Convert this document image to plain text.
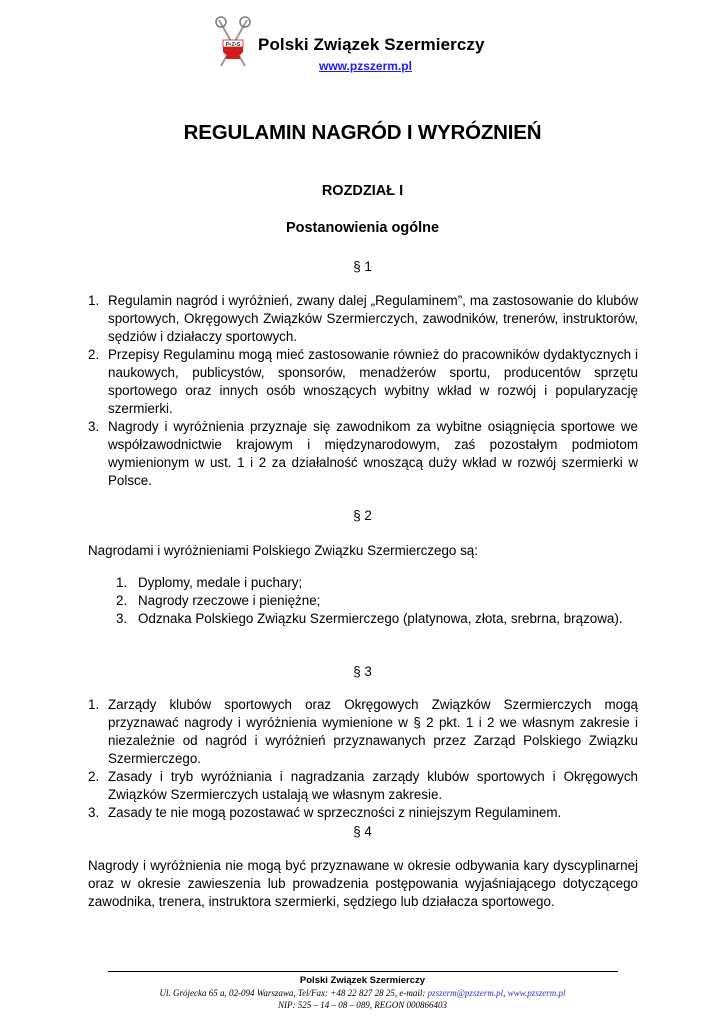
P•Z•S Polski Związek Szermierczy
www.pzszerm.pl
REGULAMIN NAGRÓD I WYRÓZNIEŃ
ROZDZIAŁ I
Postanowienia ogólne
§ 1
1. Regulamin nagród i wyróżnień, zwany dalej „Regulaminem”, ma zastosowanie do klubów sportowych, Okręgowych Związków Szermierczych, zawodników, trenerów, instruktorów, sędziów i działaczy sportowych.
2. Przepisy Regulaminu mogą mieć zastosowanie również do pracowników dydaktycznych i naukowych, publicystów, sponsorów, menadżerów sportu, producentów sprzętu sportowego oraz innych osób wnoszących wybitny wkład w rozwój i popularyzację szermierki.
3. Nagrody i wyróżnienia przyznaje się zawodnikom za wybitne osiągnięcia sportowe we współzawodnictwie krajowym i międzynarodowym, zaś pozostałym podmiotom wymienionym w ust. 1 i 2 za działalność wnoszącą duży wkład w rozwój szermierki w Polsce.
§ 2
Nagrodami i wyróżnieniami Polskiego Związku Szermierczego są:
1. Dyplomy, medale i puchary;
2. Nagrody rzeczowe i pieniężne;
3. Odznaka Polskiego Związku Szermierczego (platynowa, złota, srebrna, brązowa).
§ 3
1. Zarządy klubów sportowych oraz Okręgowych Związków Szermierczych mogą przyznawać nagrody i wyróżnienia wymienione w § 2 pkt. 1 i 2 we własnym zakresie i niezależnie od nagród i wyróżnień przyznawanych przez Zarząd Polskiego Związku Szermierczego.
2. Zasady i tryb wyróżniania i nagradzania zarządy klubów sportowych i Okręgowych Związków Szermierczych ustalają we własnym zakresie.
3. Zasady te nie mogą pozostawać w sprzeczności z niniejszym Regulaminem.
§ 4
Nagrody i wyróżnienia nie mogą być przyznawane w okresie odbywania kary dyscyplinarnej oraz w okresie zawieszenia lub prowadzenia postępowania wyjaśniającego dotyczącego zawodnika, trenera, instruktora szermierki, sędziego lub działacza sportowego.
Polski Związek Szermierczy
Ul. Grójecka 65 a, 02-094 Warszawa, Tel/Fax: +48 22 827 28 25, e-mail: pzszerm@pzszerm.pl, www.pzszerm.pl
NIP: 525 – 14 – 08 – 089, REGON 000866403
